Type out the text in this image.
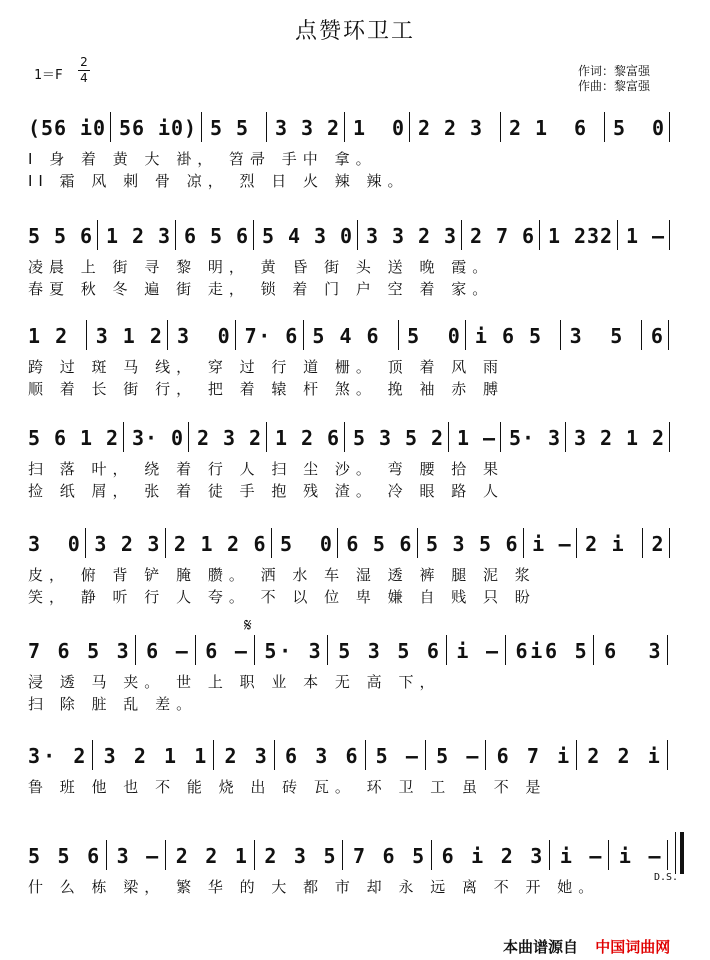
点赞环卫工
1＝F
2
4	作词：黎富强
作曲：黎富强
( 5 6 i 0 5 6 i 0 ) 5 5 3 3 2 1 0 2 2 3 2 1 6 5 0
I 身 着 黄 大 褂， 笤帚 手中 拿。
II 霜 风 刺 骨 凉， 烈 日 火 辣 辣。
5 5 6 1 2 3 6 5 6 5 4 3 0 3 3 2 3 2 7 6 1 2 3 2 1 –
凌晨 上 街 寻 黎 明， 黄 昏 街 头 送 晚 霞。
春夏 秋 冬 遍 街 走， 锁 着 门 户 空 着 家。
1 2 3 1 2 3 0 7 · 6 5 4 6 5 0 i 6 5 3 5 6
跨 过 斑 马 线， 穿 过 行 道 栅。 顶 着 风 雨
顺 着 长 街 行， 把 着 辕 杆 煞。 挽 袖 赤 膊
5 6 1 2 3 · 0 2 3 2 1 2 6 5 3 5 2 1 – 5 · 3 3 2 1 2
扫 落 叶， 绕 着 行 人 扫 尘 沙。 弯 腰 拾 果
捡 纸 屑， 张 着 徒 手 抱 残 渣。 冷 眼 路 人
3 0 3 2 3 2 1 2 6 5 0 6 5 6 5 3 5 6 i – 2 i 2
皮， 俯 背 铲 腌 臜。 洒 水 车 湿 透 裤 腿 泥 浆
笑， 静 听 行 人 夸。 不 以 位 卑 嫌 自 贱 只 盼
7 6 5 3 6 – 6 – 5 · 3 5 3 5 6 i – 6 i 6 5 6 3
浸 透 马 夹。 世 上 职 业 本 无 高 下，
扫 除 脏 乱 差。
3 · 2 3 2 1 1 2 3 6 3 6 5 – 5 – 6 7 i 2 2 i
鲁 班 他 也 不 能 烧 出 砖 瓦。 环 卫 工 虽 不 是
5 5 6 3 – 2 2 1 2 3 5 7 6 5 6 i 2 3 i – i –
什 么 栋 梁， 繁 华 的 大 都 市 却 永 远 离 不 开 她。
𝄋
D.S.
本曲谱源自 中国词曲网
